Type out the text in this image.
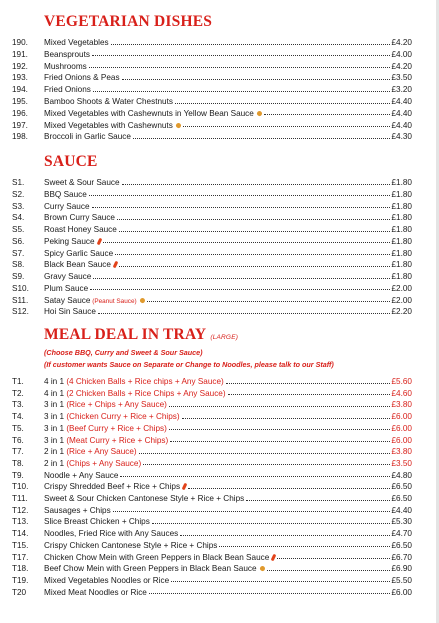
VEGETARIAN DISHES
190.	Mixed Vegetables	£4.20
191.	Beansprouts	£4.00
192.	Mushrooms	£4.20
193.	Fried Onions & Peas	£3.50
194.	Fried Onions	£3.20
195.	Bamboo Shoots & Water Chestnuts	£4.40
196.	Mixed Vegetables with Cashewnuts in Yellow Bean Sauce	£4.40
197.	Mixed Vegetables with Cashewnuts	£4.40
198.	Broccoli in Garlic Sauce	£4.30
SAUCE
S1.	Sweet & Sour Sauce	£1.80
S2.	BBQ Sauce	£1.80
S3.	Curry Sauce	£1.80
S4.	Brown Curry Sauce	£1.80
S5.	Roast Honey Sauce	£1.80
S6.	Peking Sauce	£1.80
S7.	Spicy Garlic Sauce	£1.80
S8.	Black Bean Sauce	£1.80
S9.	Gravy Sauce	£1.80
S10.	Plum Sauce	£2.00
S11.	Satay Sauce (Peanut Sauce)	£2.00
S12.	Hoi Sin Sauce	£2.20
MEAL DEAL IN TRAY (LARGE)
(Choose BBQ, Curry and Sweet & Sour Sauce)
(If customer wants Sauce on Separate or Change to Noodles, please talk to our Staff)
T1.	4 in 1 (4 Chicken Balls + Rice chips + Any Sauce)	£5.60
T2.	4 in 1 (2 Chicken Balls + Rice Chips + Any Sauce)	£4.60
T3.	3 in 1 (Rice + Chips + Any Sauce)	£3.80
T4.	3 in 1 (Chicken Curry + Rice + Chips)	£6.00
T5.	3 in 1 (Beef Curry + Rice + Chips)	£6.00
T6.	3 in 1 (Meat Curry + Rice + Chips)	£6.00
T7.	2 in 1 (Rice + Any Sauce)	£3.80
T8.	2 in 1 (Chips + Any Sauce)	£3.50
T9.	Noodle + Any Sauce	£4.80
T10.	Crispy Shredded Beef + Rice + Chips	£6.50
T11.	Sweet & Sour Chicken Cantonese Style + Rice + Chips	£6.50
T12.	Sausages + Chips	£4.40
T13.	Slice Breast Chicken + Chips	£5.30
T14.	Noodles, Fried Rice with Any Sauces	£4.70
T15.	Crispy Chicken Cantonese Style + Rice + Chips	£6.50
T17.	Chicken Chow Mein with Green Peppers in Black Bean Sauce	£6.70
T18.	Beef Chow Mein with Green Peppers in Black Bean Sauce	£6.90
T19.	Mixed Vegetables Noodles or Rice	£5.50
T20	Mixed Meat Noodles or Rice	£6.00
